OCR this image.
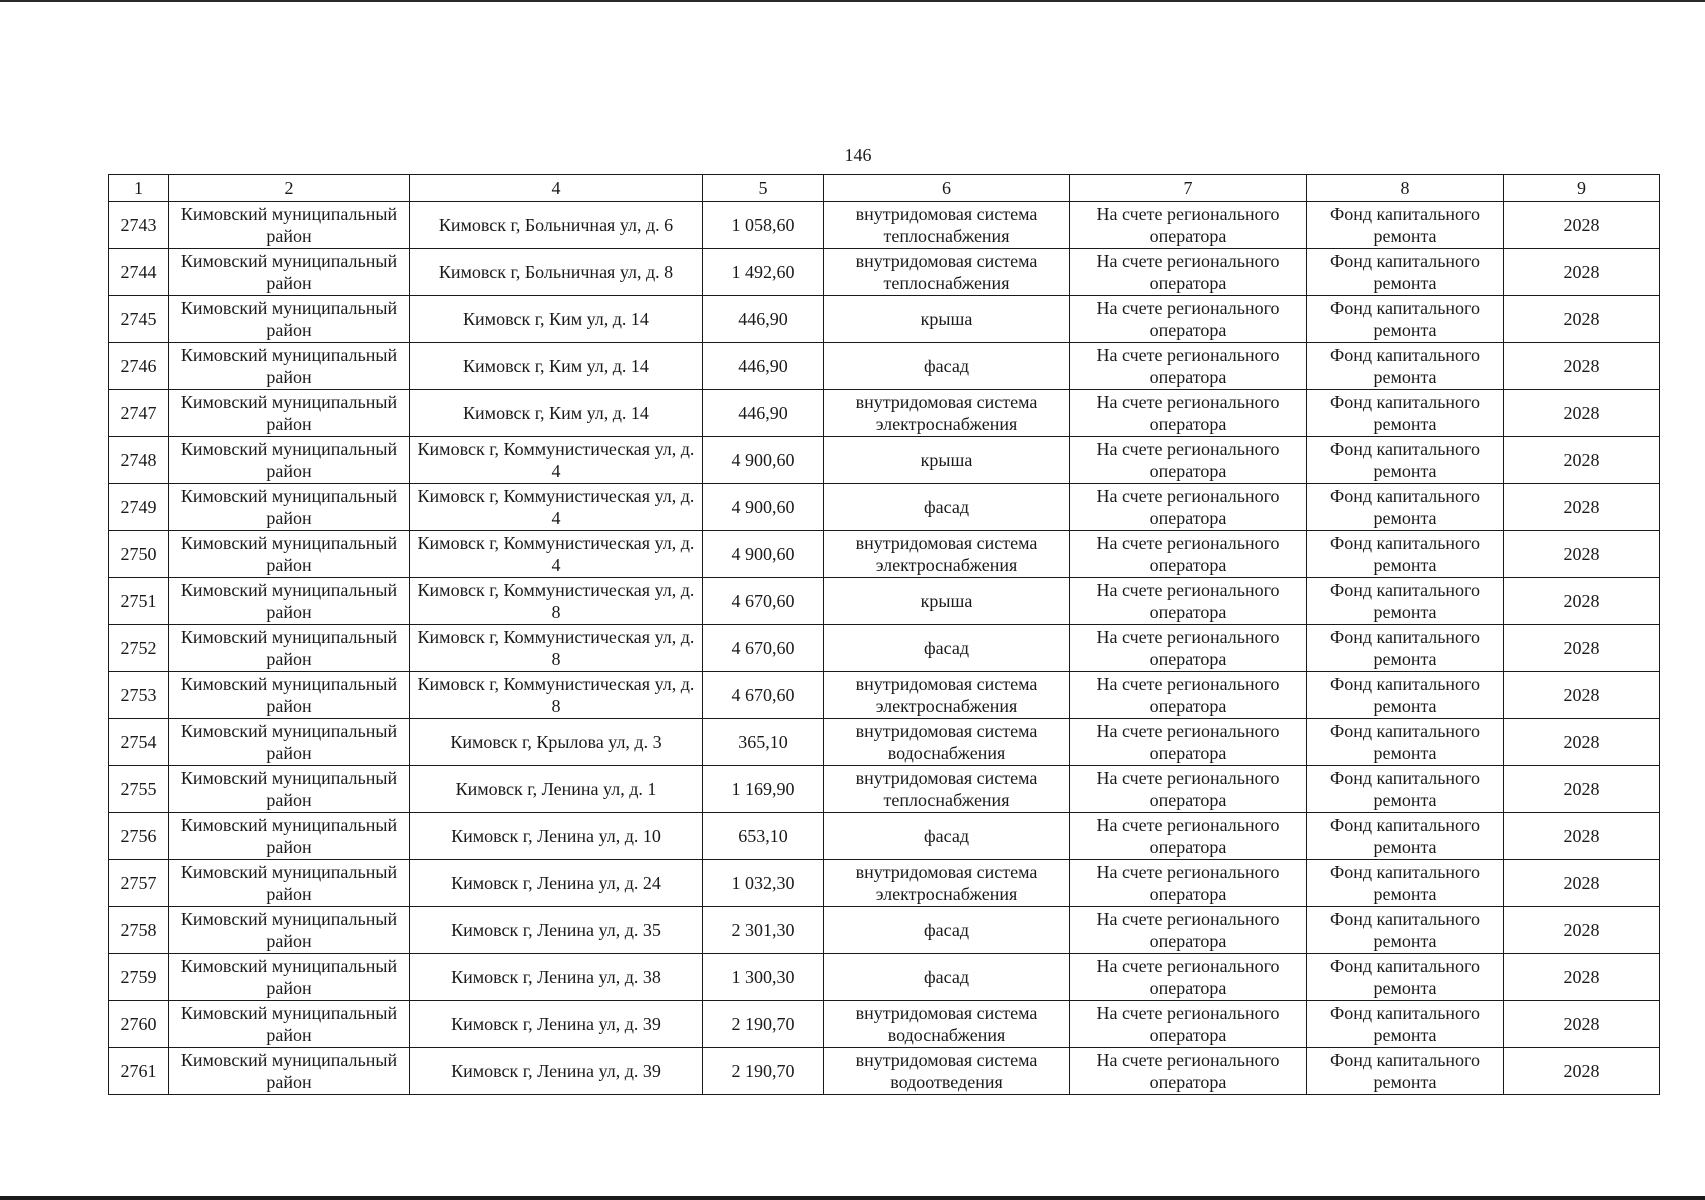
146
1	2	4	5	6	7	8	9
2743	Кимовский муниципальный район	Кимовск г, Больничная ул, д. 6	1 058,60	внутридомовая система теплоснабжения	На счете регионального оператора	Фонд капитального ремонта	2028
2744	Кимовский муниципальный район	Кимовск г, Больничная ул, д. 8	1 492,60	внутридомовая система теплоснабжения	На счете регионального оператора	Фонд капитального ремонта	2028
2745	Кимовский муниципальный район	Кимовск г, Ким ул, д. 14	446,90	крыша	На счете регионального оператора	Фонд капитального ремонта	2028
2746	Кимовский муниципальный район	Кимовск г, Ким ул, д. 14	446,90	фасад	На счете регионального оператора	Фонд капитального ремонта	2028
2747	Кимовский муниципальный район	Кимовск г, Ким ул, д. 14	446,90	внутридомовая система электроснабжения	На счете регионального оператора	Фонд капитального ремонта	2028
2748	Кимовский муниципальный район	Кимовск г, Коммунистическая ул, д. 4	4 900,60	крыша	На счете регионального оператора	Фонд капитального ремонта	2028
2749	Кимовский муниципальный район	Кимовск г, Коммунистическая ул, д. 4	4 900,60	фасад	На счете регионального оператора	Фонд капитального ремонта	2028
2750	Кимовский муниципальный район	Кимовск г, Коммунистическая ул, д. 4	4 900,60	внутридомовая система электроснабжения	На счете регионального оператора	Фонд капитального ремонта	2028
2751	Кимовский муниципальный район	Кимовск г, Коммунистическая ул, д. 8	4 670,60	крыша	На счете регионального оператора	Фонд капитального ремонта	2028
2752	Кимовский муниципальный район	Кимовск г, Коммунистическая ул, д. 8	4 670,60	фасад	На счете регионального оператора	Фонд капитального ремонта	2028
2753	Кимовский муниципальный район	Кимовск г, Коммунистическая ул, д. 8	4 670,60	внутридомовая система электроснабжения	На счете регионального оператора	Фонд капитального ремонта	2028
2754	Кимовский муниципальный район	Кимовск г, Крылова ул, д. 3	365,10	внутридомовая система водоснабжения	На счете регионального оператора	Фонд капитального ремонта	2028
2755	Кимовский муниципальный район	Кимовск г, Ленина ул, д. 1	1 169,90	внутридомовая система теплоснабжения	На счете регионального оператора	Фонд капитального ремонта	2028
2756	Кимовский муниципальный район	Кимовск г, Ленина ул, д. 10	653,10	фасад	На счете регионального оператора	Фонд капитального ремонта	2028
2757	Кимовский муниципальный район	Кимовск г, Ленина ул, д. 24	1 032,30	внутридомовая система электроснабжения	На счете регионального оператора	Фонд капитального ремонта	2028
2758	Кимовский муниципальный район	Кимовск г, Ленина ул, д. 35	2 301,30	фасад	На счете регионального оператора	Фонд капитального ремонта	2028
2759	Кимовский муниципальный район	Кимовск г, Ленина ул, д. 38	1 300,30	фасад	На счете регионального оператора	Фонд капитального ремонта	2028
2760	Кимовский муниципальный район	Кимовск г, Ленина ул, д. 39	2 190,70	внутридомовая система водоснабжения	На счете регионального оператора	Фонд капитального ремонта	2028
2761	Кимовский муниципальный район	Кимовск г, Ленина ул, д. 39	2 190,70	внутридомовая система водоотведения	На счете регионального оператора	Фонд капитального ремонта	2028
